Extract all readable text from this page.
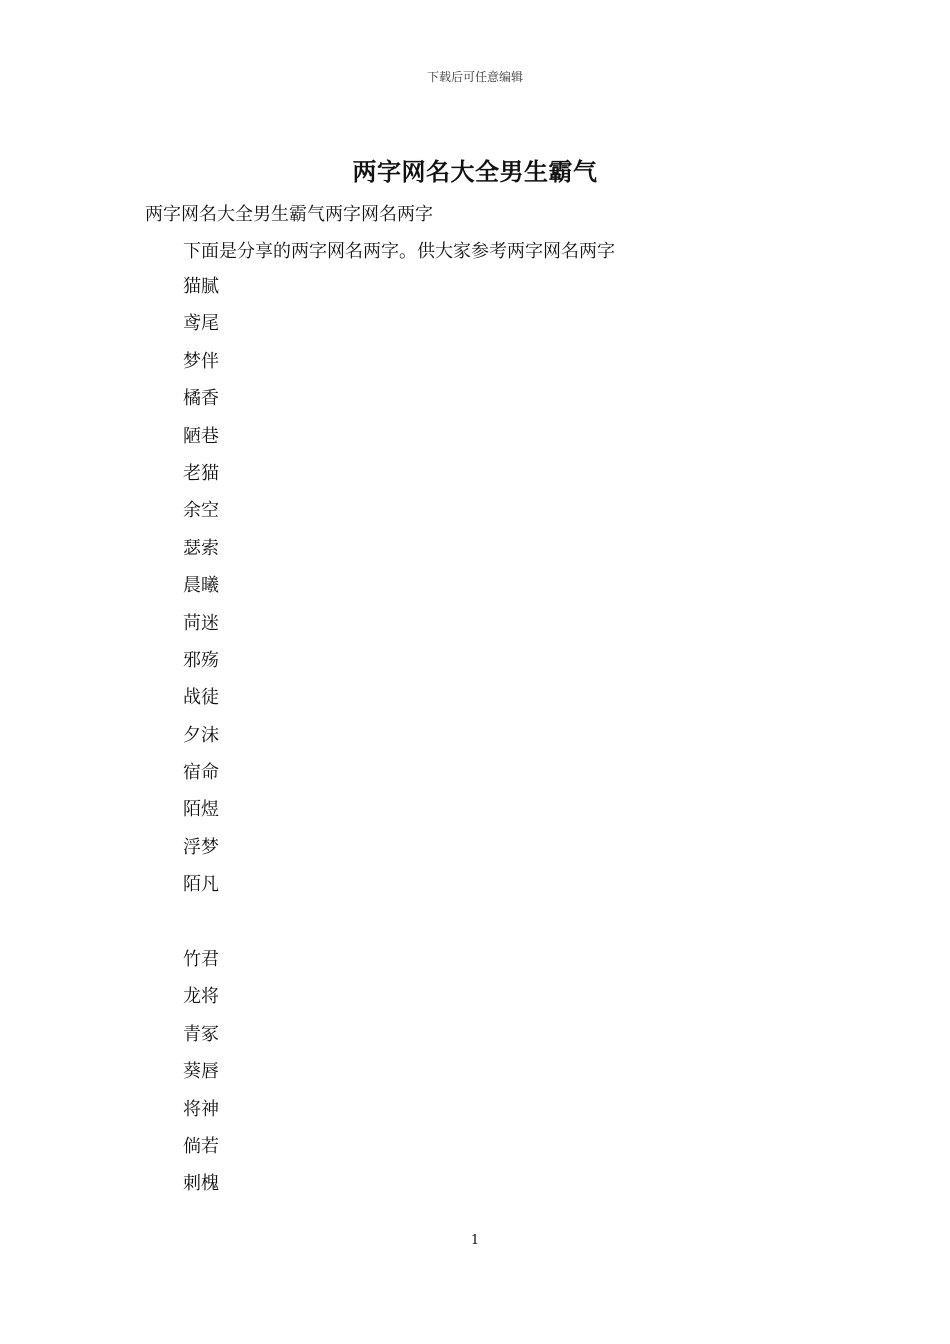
下载后可任意编辑
两字网名大全男生霸气

两字网名大全男生霸气两字网名两字

下面是分享的两字网名两字。供大家参考两字网名两字

猫腻
鸢尾
梦伴
橘香
陋巷
老猫
余空
瑟索
晨曦
苘迷
邪殇
战徒
夕沫
宿命
陌煜
浮梦
陌凡
竹君
龙将
青冢
葵唇
将神
倘若
刺槐
1
